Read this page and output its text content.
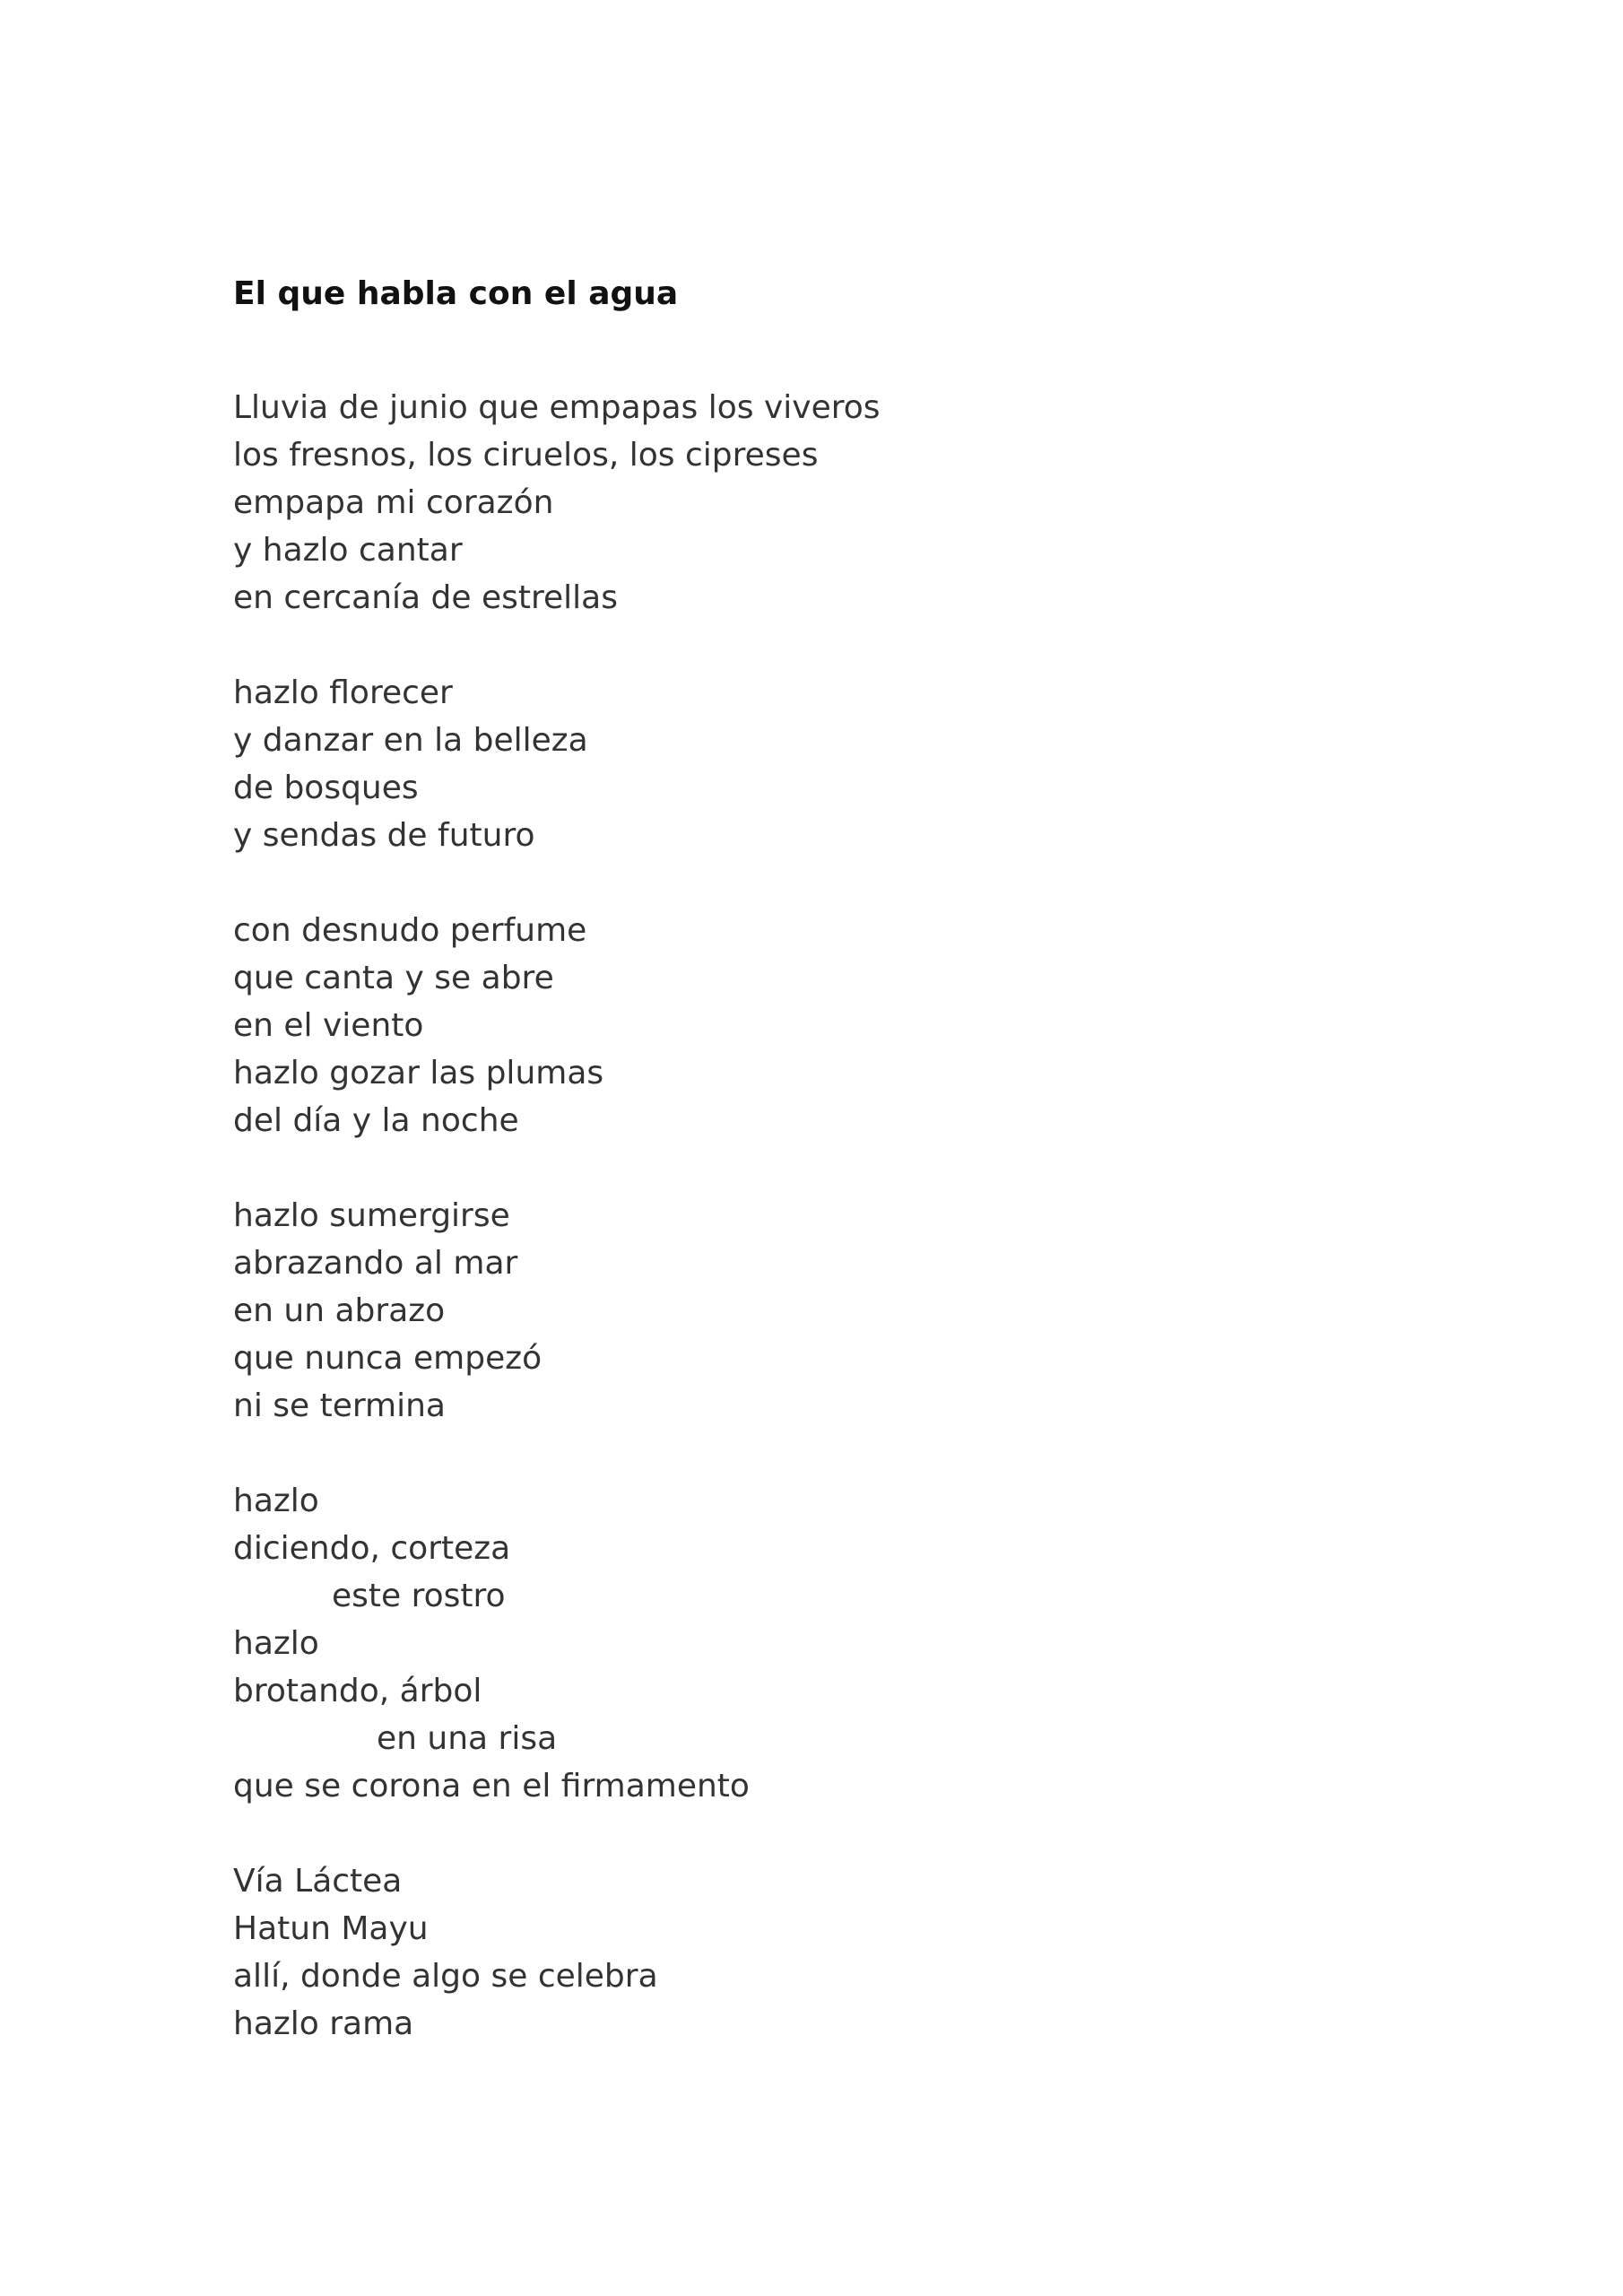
El que habla con el agua
Lluvia de junio que empapas los viveros
los fresnos, los ciruelos, los cipreses
empapa mi corazón
y hazlo cantar
en cercanía de estrellas
hazlo florecer
y danzar en la belleza
de bosques
y sendas de futuro
con desnudo perfume
que canta y se abre
en el viento
hazlo gozar las plumas
del día y la noche
hazlo sumergirse
abrazando al mar
en un abrazo
que nunca empezó
ni se termina
hazlo
diciendo, corteza
este rostro
hazlo
brotando, árbol
en una risa
que se corona en el firmamento
Vía Láctea
Hatun Mayu
allí, donde algo se celebra
hazlo rama
